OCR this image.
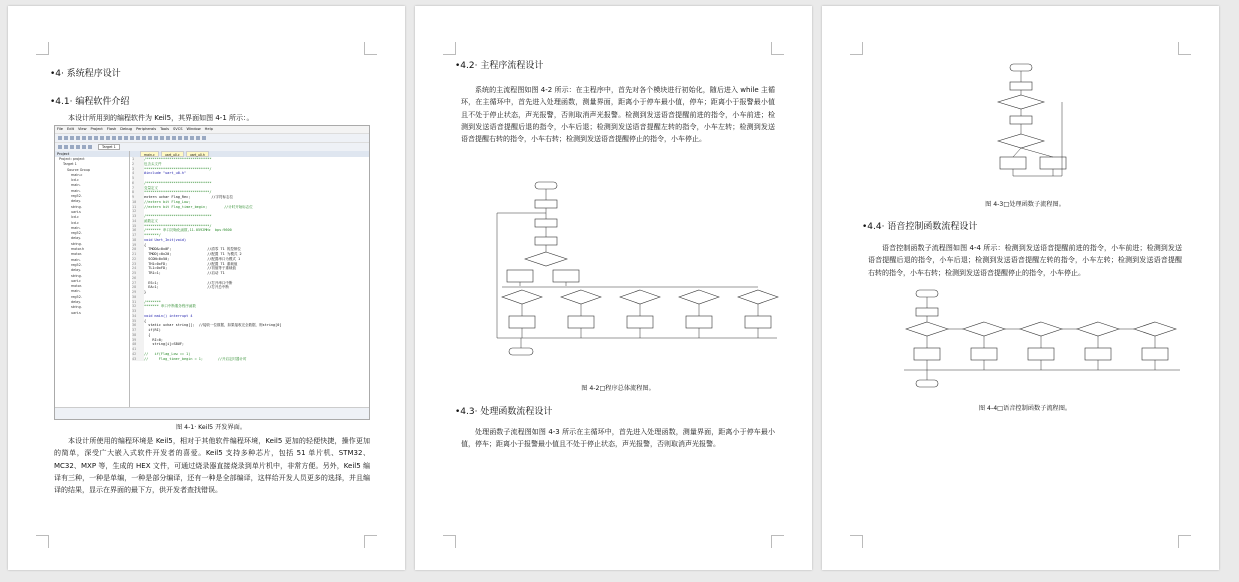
•4· 系统程序设计
•4.1· 编程软件介绍
本设计所用到的编程软件为 Keil5，其界面如图 4-1 所示：。
File Edit View Project Flash Debug Peripherals Tools SVCS Window Help
Target 1
Project
Project: project
Target 1
Source Group
main.c
lcd.c
main.
main.
reg52.
delay.
string.
uart.s
lcd.c
lcd.c
main.
reg52.
delay.
string.
motor.h
motor.
main.
reg52.
delay.
string.
uart.c
motor.
main.
reg52.
delay.
string.
uart.s
main.c	uart_u0.c	uart_u0.h
1	/*******************************
2	包含头文件
3	*******************************/
4	#include "uart_u0.h"
5
6	/*******************************
7	变量定义
8	*******************************/
9	extern uchar Flag_Rec;          //字符标志位
10 //extern bit Flag_Low;
11 //extern bit Flag_timer_begin;        //计时开始标志位
12
13 /*******************************
14 函数定义
15 *******************************/
16 /******* 串口初始化函数,11.0592MHz  bps:9600
17 *******/
18 void Uart_Init(void)
19 {
20  TMOD&=0x0F;                 //清零 T1 的控制位
21  TMOD|=0x20;                 //配置 T1 为模式 2
22  SCON=0x50;                  //配置串口为模式 1
23  TH1=0xFD;                   //配置 T1 重载值
24  TL1=0xFD;                   //初值等于重载值
25  TR1=1;                      //启动 T1
26
27  ES=1;                       //打开串口中断
28  EA=1;                       //打开总中断
29 }
30
31 /*******
32 ******* 串口中断服务程序函数
33
34 void main() interrupt 4
35 {
36  static uchar string[];  //接收一位数据，如果接收完全数据，则string[0]
37  if(RI)
38  {
39    RI=0;
40    string[i]=SBUF;
41
42 //   if(Flag_Low == 1)
43 //     Flag_timer_begin = 1;       //开启定时器计时
图 4-1· Keil5 开发界面。
本设计所使用的编程环境是 Keil5，相对于其他软件编程环境，Keil5 更加的轻便快捷，操作更加的简单，深受广大嵌入式软件开发者的喜爱。Keil5 支持多种芯片，包括 51 单片机、STM32、MC32、MXP 等，生成的 HEX 文件，可通过烧录器直接烧录到单片机中，非常方便。另外，Keil5 编译有三种，一种是单编，一种是部分编译，还有一种是全部编译，这样给开发人员更多的选择，并且编译的结果，显示在界面的最下方，供开发者查找错误。
•4.2· 主程序流程设计
系统的主流程图如图 4-2 所示：在主程序中，首先对各个模块进行初始化，随后进入 while 主循环，在主循环中，首先进入处理函数，测量界面，距离小于停车最小值，停车；距离小于报警最小值且不处于停止状态，声光报警，否则取消声光报警。检测到发送语音提醒前进的指令，小车前进；检测到发送语音提醒后退的指令，小车后退；检测到发送语音提醒左转的指令，小车左转；检测到发送语音提醒右转的指令，小车右转；检测到发送语音提醒停止的指令，小车停止。
图 4-2□程序总体流程图。
•4.3· 处理函数流程设计
处理函数子流程图如图 4-3 所示在主循环中，首先进入处理函数，测量界面，距离小于停车最小值，停车；距离小于报警最小值且不处于停止状态，声光报警，否则取消声光报警。
图 4-3□处理函数子流程图。
•4.4· 语音控制函数流程设计
语音控制函数子流程图如图 4-4 所示：检测到发送语音提醒前进的指令，小车前进；检测到发送语音提醒后退的指令，小车后退；检测到发送语音提醒左转的指令，小车左转；检测到发送语音提醒右转的指令，小车右转；检测到发送语音提醒停止的指令，小车停止。
图 4-4□语音控制函数子流程图。
